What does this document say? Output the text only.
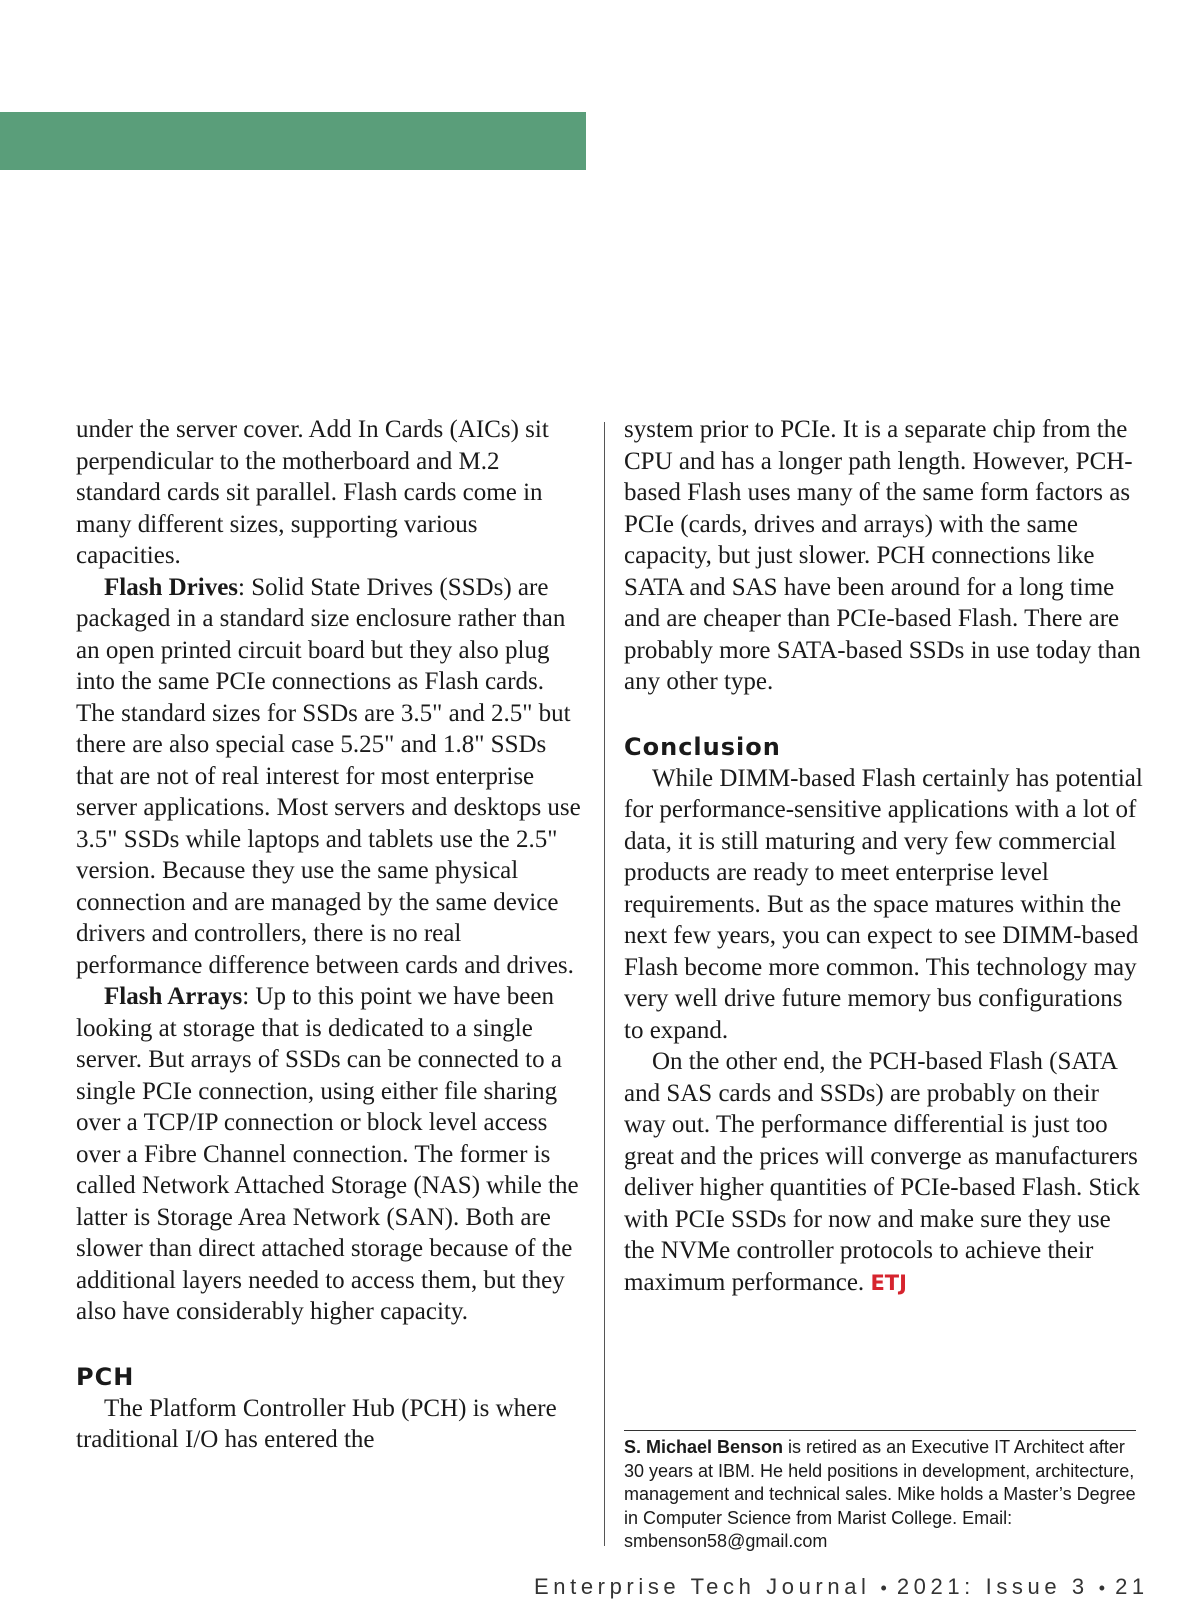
under the server cover. Add In Cards (AICs) sit perpendicular to the motherboard and M.2 standard cards sit parallel. Flash cards come in many different sizes, supporting various capacities.

Flash Drives: Solid State Drives (SSDs) are packaged in a standard size enclosure rather than an open printed circuit board but they also plug into the same PCIe connections as Flash cards. The standard sizes for SSDs are 3.5" and 2.5" but there are also special case 5.25" and 1.8" SSDs that are not of real interest for most enterprise server applications. Most servers and desktops use 3.5" SSDs while laptops and tablets use the 2.5" version. Because they use the same physical connection and are managed by the same device drivers and controllers, there is no real performance difference between cards and drives.

Flash Arrays: Up to this point we have been looking at storage that is dedicated to a single server. But arrays of SSDs can be connected to a single PCIe connection, using either file sharing over a TCP/IP connection or block level access over a Fibre Channel connection. The former is called Network Attached Storage (NAS) while the latter is Storage Area Network (SAN). Both are slower than direct attached storage because of the additional layers needed to access them, but they also have considerably higher capacity.

PCH

The Platform Controller Hub (PCH) is where traditional I/O has entered the

system prior to PCIe. It is a separate chip from the CPU and has a longer path length. However, PCH-based Flash uses many of the same form factors as PCIe (cards, drives and arrays) with the same capacity, but just slower. PCH connections like SATA and SAS have been around for a long time and are cheaper than PCIe-based Flash. There are probably more SATA-based SSDs in use today than any other type.

Conclusion

While DIMM-based Flash certainly has potential for performance-sensitive applications with a lot of data, it is still maturing and very few commercial products are ready to meet enterprise level requirements. But as the space matures within the next few years, you can expect to see DIMM-based Flash become more common. This technology may very well drive future memory bus configurations to expand.

On the other end, the PCH-based Flash (SATA and SAS cards and SSDs) are probably on their way out. The performance differential is just too great and the prices will converge as manufacturers deliver higher quantities of PCIe-based Flash. Stick with PCIe SSDs for now and make sure they use the NVMe controller protocols to achieve their maximum performance. ETJ

S. Michael Benson is retired as an Executive IT Architect after 30 years at IBM. He held positions in development, architecture, management and technical sales. Mike holds a Master’s Degree in Computer Science from Marist College. Email: smbenson58@gmail.com
Enterprise Tech Journal • 2021: Issue 3 • 21
